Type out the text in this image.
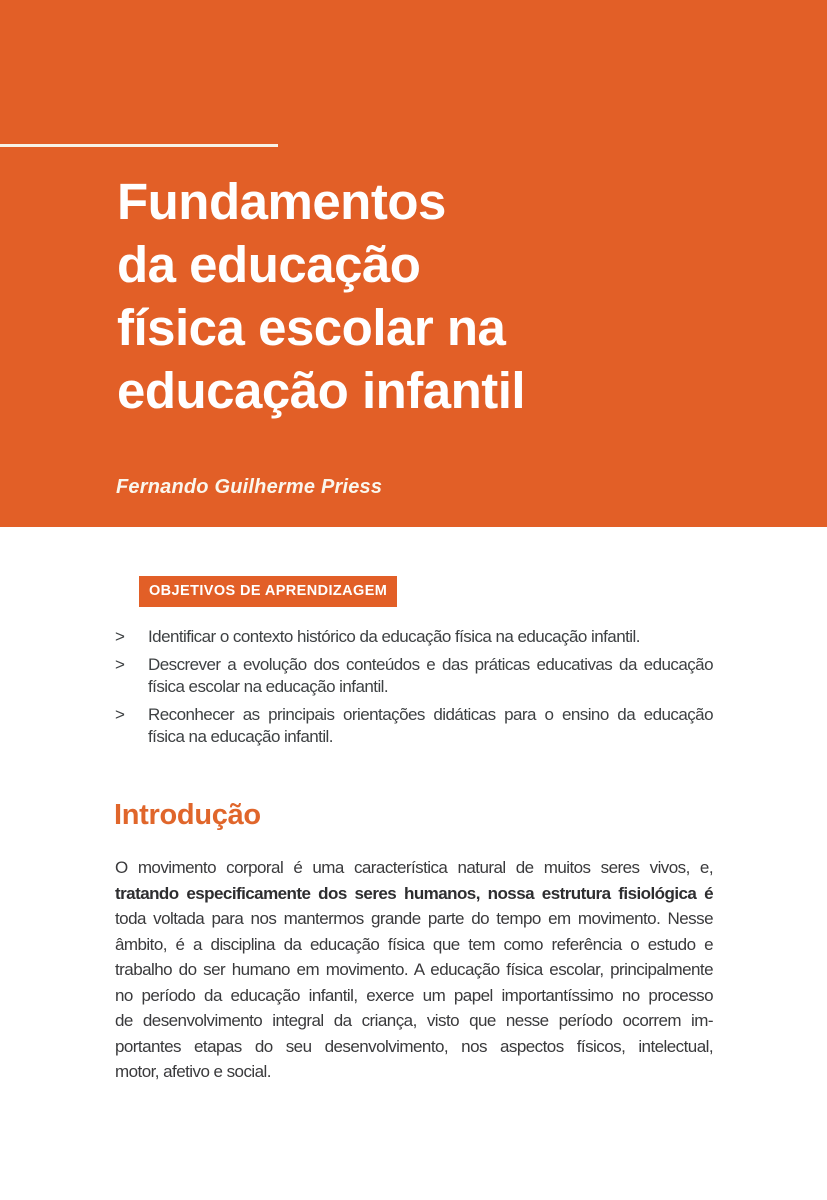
Fundamentos
da educação
física escolar na
educação infantil
Fernando Guilherme Priess
OBJETIVOS DE APRENDIZAGEM
>	Identificar o contexto histórico da educação física na educação infantil.
>	Descrever a evolução dos conteúdos e das práticas educativas da educação física escolar na educação infantil.
>	Reconhecer as principais orientações didáticas para o ensino da educação física na educação infantil.
Introdução
O movimento corporal é uma característica natural de muitos seres vivos, e,
tratando especificamente dos seres humanos, nossa estrutura fisiológica é
toda voltada para nos mantermos grande parte do tempo em movimento. Nesse
âmbito, é a disciplina da educação física que tem como referência o estudo e
trabalho do ser humano em movimento. A educação física escolar, principalmente
no período da educação infantil, exerce um papel importantíssimo no processo
de desenvolvimento integral da criança, visto que nesse período ocorrem im-
portantes etapas do seu desenvolvimento, nos aspectos físicos, intelectual,
motor, afetivo e social.
